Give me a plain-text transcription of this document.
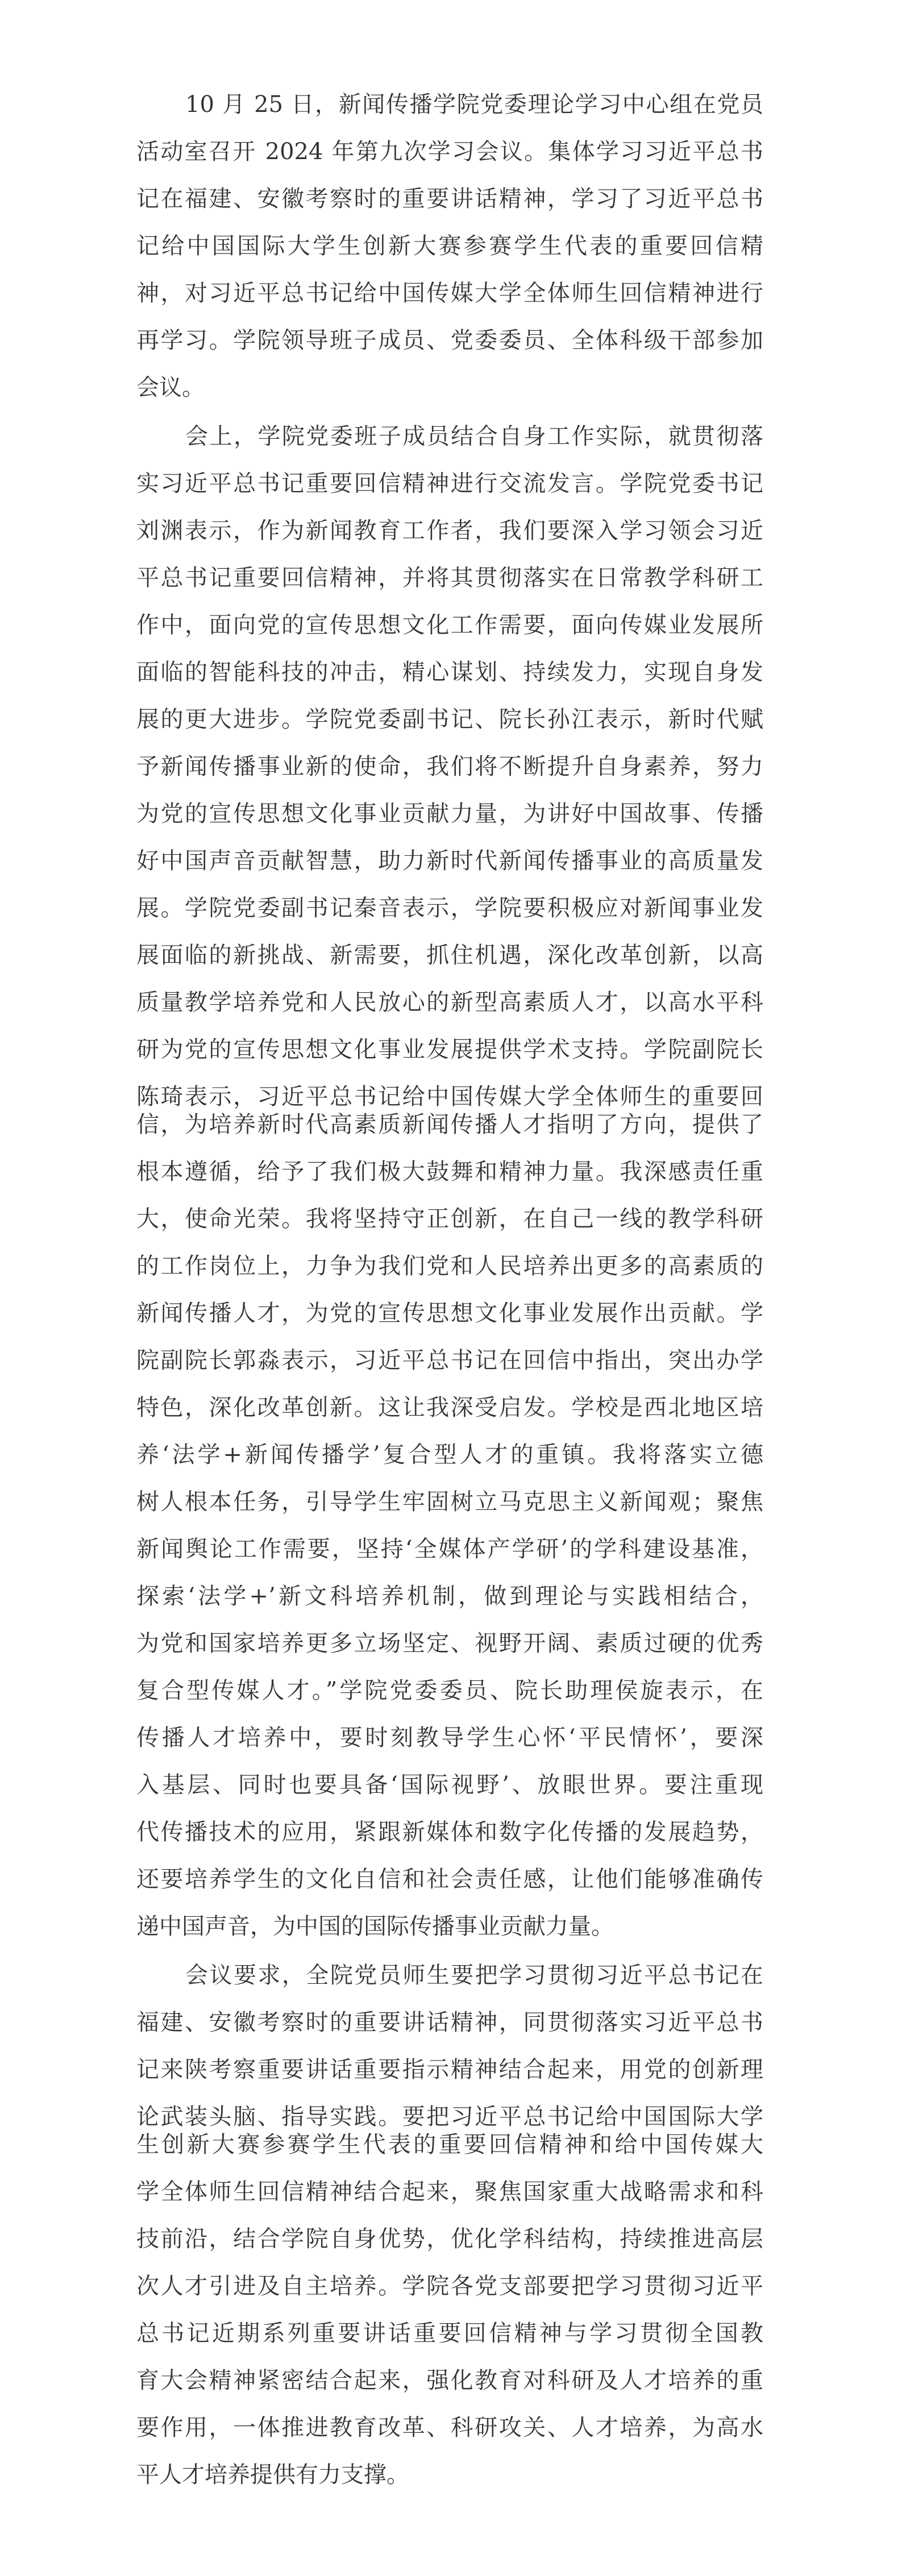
10 月 25 日，新闻传播学院党委理论学习中心组在党员
活动室召开 2024 年第九次学习会议。集体学习习近平总书
记在福建、安徽考察时的重要讲话精神，学习了习近平总书
记给中国国际大学生创新大赛参赛学生代表的重要回信精
神，对习近平总书记给中国传媒大学全体师生回信精神进行
再学习。学院领导班子成员、党委委员、全体科级干部参加
会议。
会上，学院党委班子成员结合自身工作实际，就贯彻落
实习近平总书记重要回信精神进行交流发言。学院党委书记
刘渊表示，作为新闻教育工作者，我们要深入学习领会习近
平总书记重要回信精神，并将其贯彻落实在日常教学科研工
作中，面向党的宣传思想文化工作需要，面向传媒业发展所
面临的智能科技的冲击，精心谋划、持续发力，实现自身发
展的更大进步。学院党委副书记、院长孙江表示，新时代赋
予新闻传播事业新的使命，我们将不断提升自身素养，努力
为党的宣传思想文化事业贡献力量，为讲好中国故事、传播
好中国声音贡献智慧，助力新时代新闻传播事业的高质量发
展。学院党委副书记秦音表示，学院要积极应对新闻事业发
展面临的新挑战、新需要，抓住机遇，深化改革创新，以高
质量教学培养党和人民放心的新型高素质人才，以高水平科
研为党的宣传思想文化事业发展提供学术支持。学院副院长
陈琦表示，习近平总书记给中国传媒大学全体师生的重要回
信，为培养新时代高素质新闻传播人才指明了方向，提供了
根本遵循，给予了我们极大鼓舞和精神力量。我深感责任重
大，使命光荣。我将坚持守正创新，在自己一线的教学科研
的工作岗位上，力争为我们党和人民培养出更多的高素质的
新闻传播人才，为党的宣传思想文化事业发展作出贡献。学
院副院长郭淼表示，习近平总书记在回信中指出，突出办学
特色，深化改革创新。这让我深受启发。学校是西北地区培
养‘法学+新闻传播学’复合型人才的重镇。我将落实立德
树人根本任务，引导学生牢固树立马克思主义新闻观；聚焦
新闻舆论工作需要，坚持‘全媒体产学研’的学科建设基准，
探索‘法学+’新文科培养机制，做到理论与实践相结合，
为党和国家培养更多立场坚定、视野开阔、素质过硬的优秀
复合型传媒人才。”学院党委委员、院长助理侯旋表示，在
传播人才培养中，要时刻教导学生心怀‘平民情怀’，要深
入基层、同时也要具备‘国际视野’、放眼世界。要注重现
代传播技术的应用，紧跟新媒体和数字化传播的发展趋势，
还要培养学生的文化自信和社会责任感，让他们能够准确传
递中国声音，为中国的国际传播事业贡献力量。
会议要求，全院党员师生要把学习贯彻习近平总书记在
福建、安徽考察时的重要讲话精神，同贯彻落实习近平总书
记来陕考察重要讲话重要指示精神结合起来，用党的创新理
论武装头脑、指导实践。要把习近平总书记给中国国际大学
生创新大赛参赛学生代表的重要回信精神和给中国传媒大
学全体师生回信精神结合起来，聚焦国家重大战略需求和科
技前沿，结合学院自身优势，优化学科结构，持续推进高层
次人才引进及自主培养。学院各党支部要把学习贯彻习近平
总书记近期系列重要讲话重要回信精神与学习贯彻全国教
育大会精神紧密结合起来，强化教育对科研及人才培养的重
要作用，一体推进教育改革、科研攻关、人才培养，为高水
平人才培养提供有力支撑。
